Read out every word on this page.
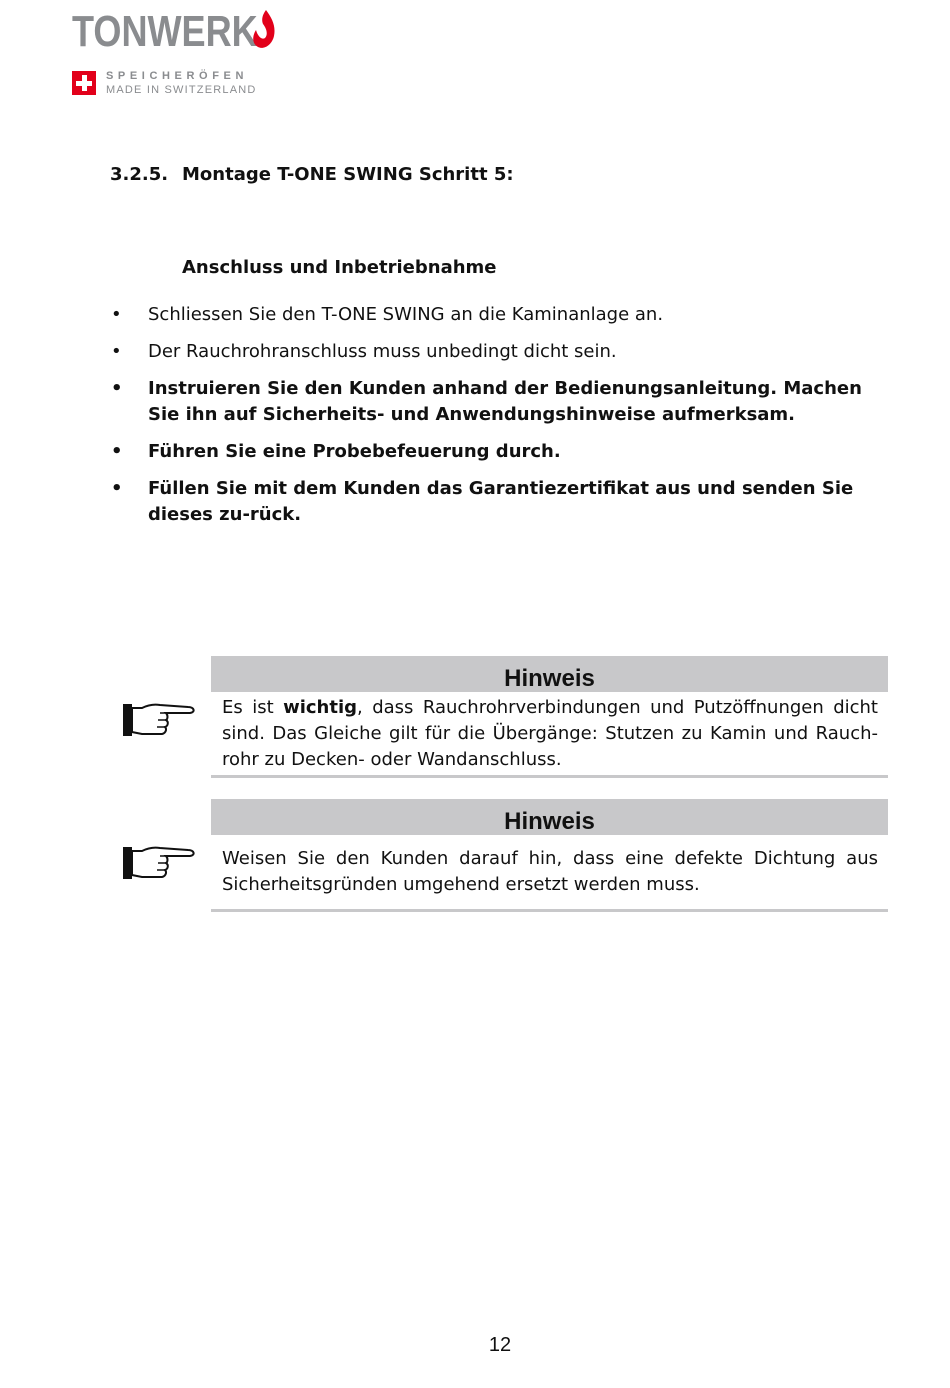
TONWERK
SPEICHERÖFEN
MADE IN SWITZERLAND
3.2.5. Montage T-ONE SWING Schritt 5:
Anschluss und Inbetriebnahme
• Schliessen Sie den T-ONE SWING an die Kaminanlage an.
• Der Rauchrohranschluss muss unbedingt dicht sein.
• Instruieren Sie den Kunden anhand der Bedienungsanleitung. Machen Sie ihn auf Sicherheits- und Anwendungshinweise aufmerksam.
• Führen Sie eine Probebefeuerung durch.
• Füllen Sie mit dem Kunden das Garantiezertifikat aus und senden Sie dieses zu-rück.
Hinweis
Es ist wichtig, dass Rauchrohrverbindungen und Putzöffnungen dicht sind. Das Gleiche gilt für die Übergänge: Stutzen zu Kamin und Rauch-rohr zu Decken- oder Wandanschluss.
Hinweis
Weisen Sie den Kunden darauf hin, dass eine defekte Dichtung aus Sicherheitsgründen umgehend ersetzt werden muss.
12
